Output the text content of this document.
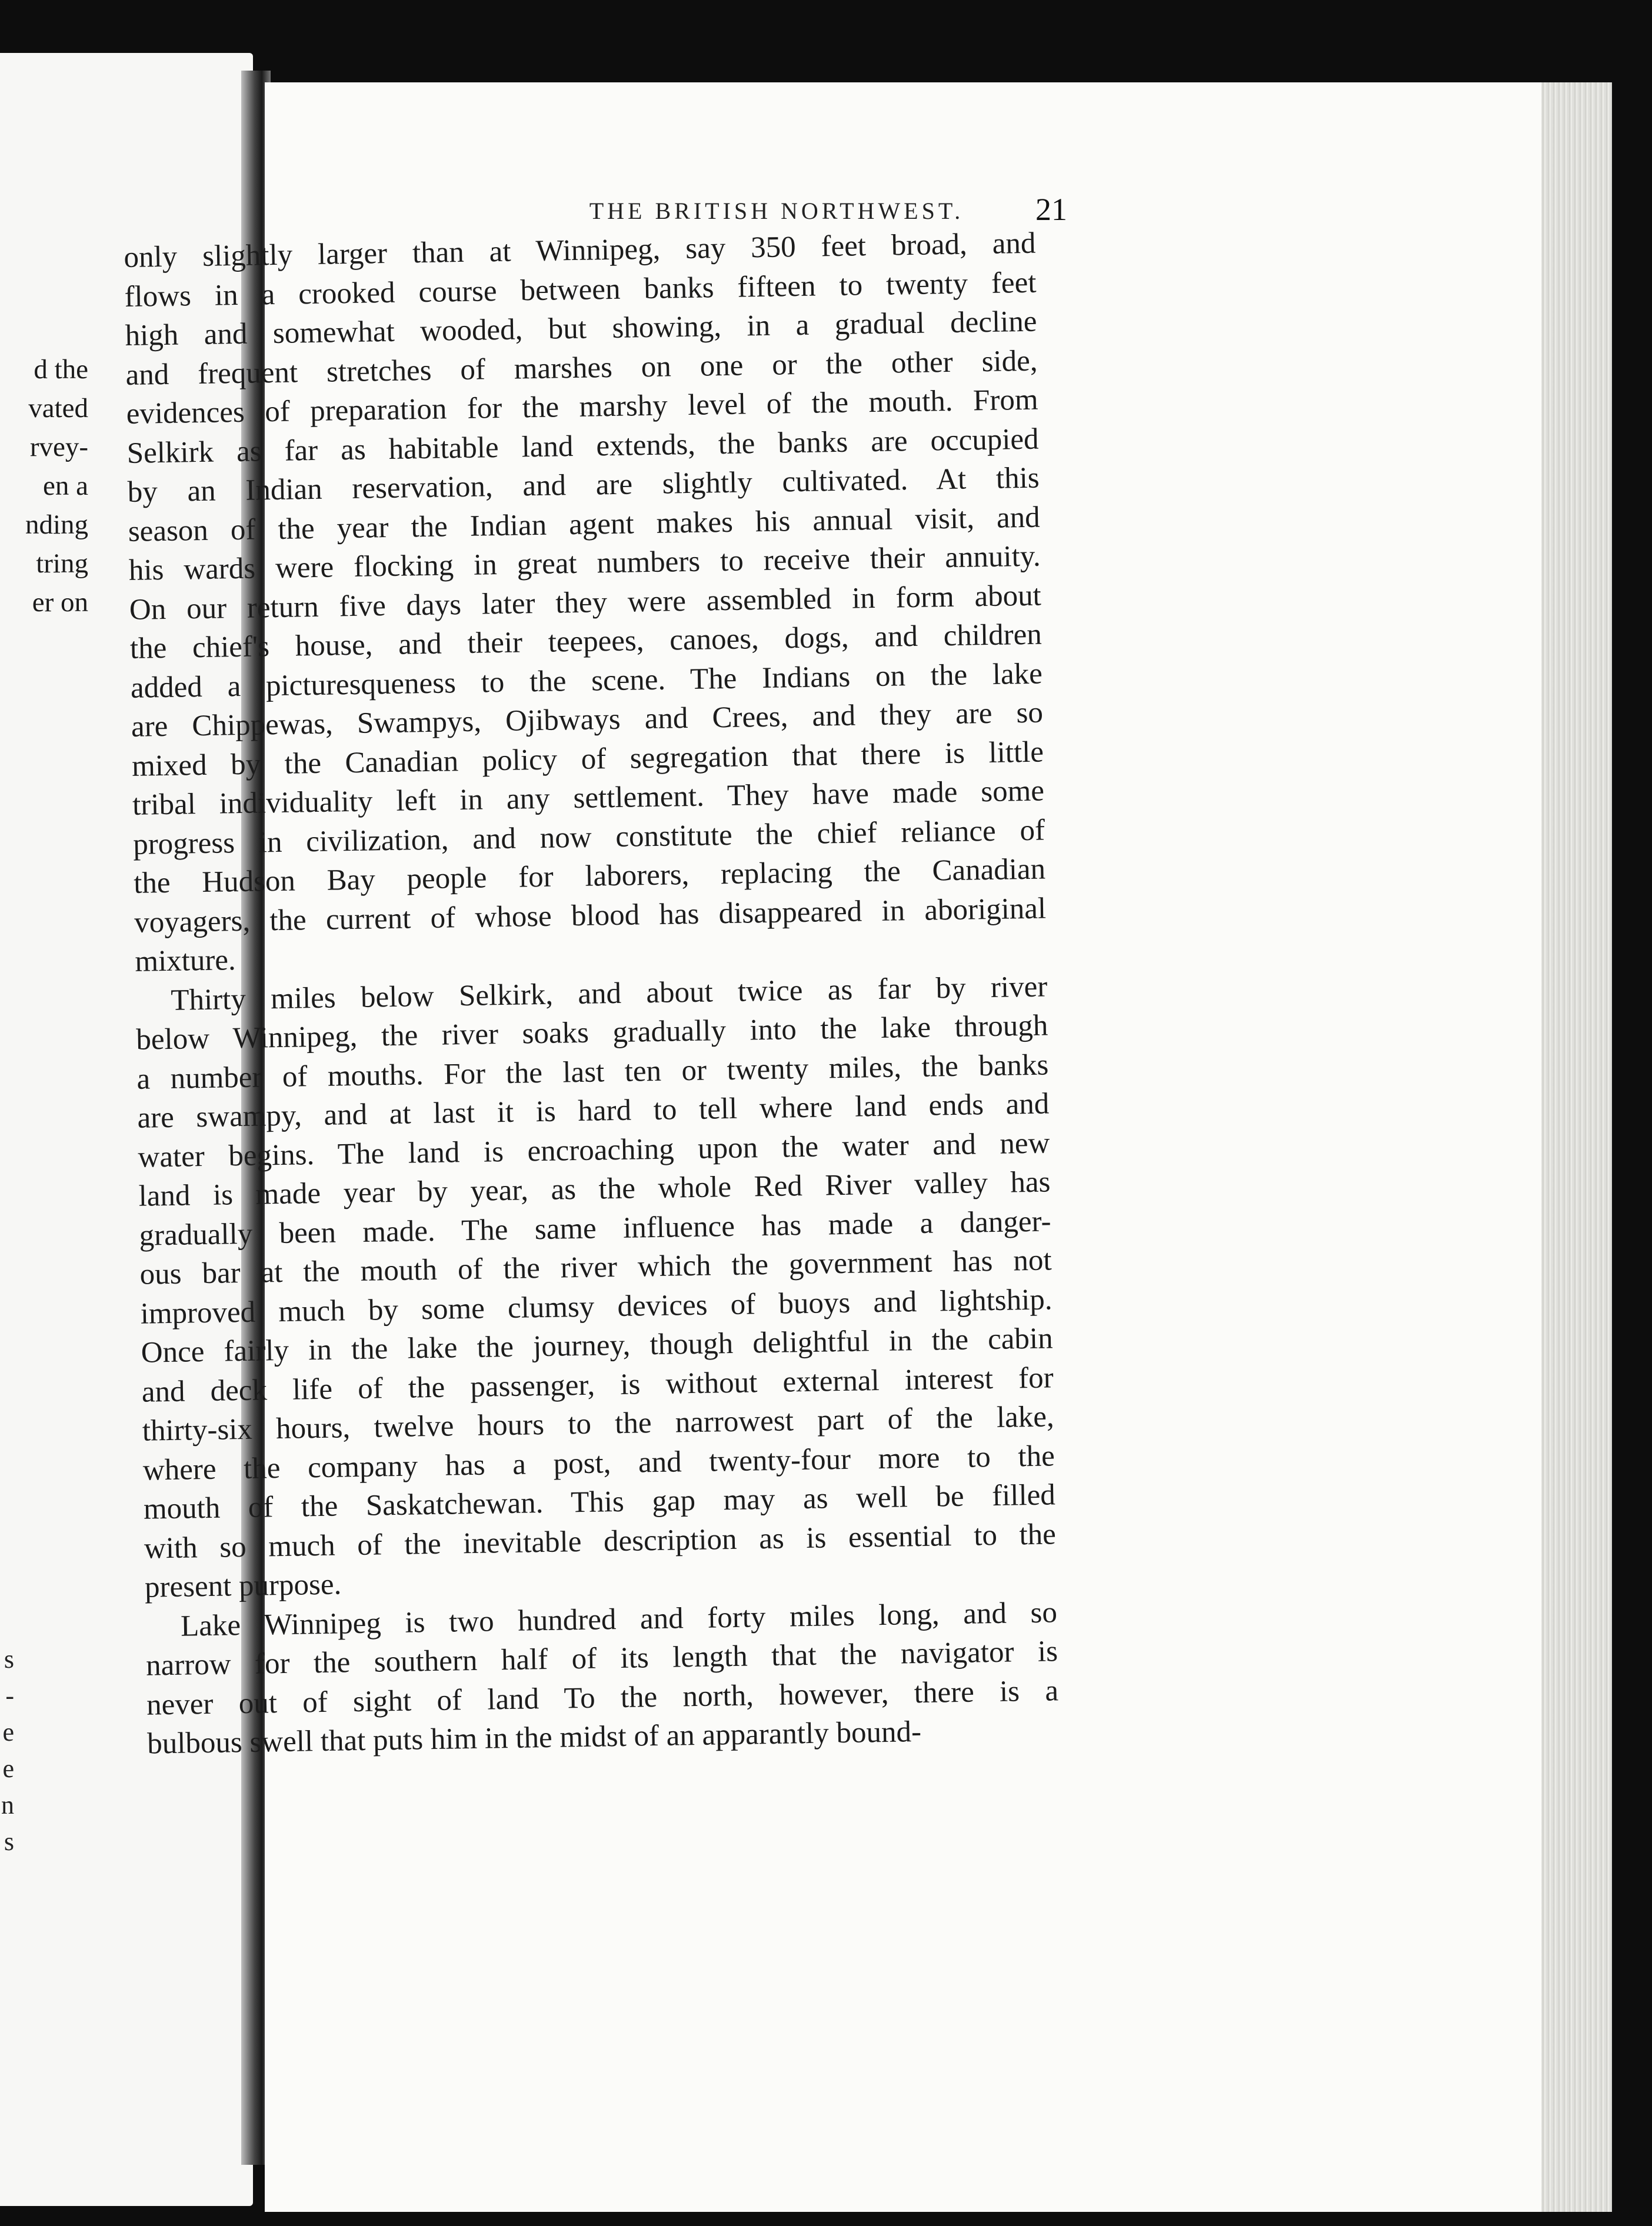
d the
vated
rvey-
en a
nding
tring
er on
s
-
e
e
n
s
THE BRITISH NORTHWEST.	21

only slightly larger than at Winnipeg, say 350 feet broad, and
flows in a crooked course between banks fifteen to twenty feet
high and somewhat wooded, but showing, in a gradual decline
and frequent stretches of marshes on one or the other side,
evidences of preparation for the marshy level of the mouth. From
Selkirk as far as habitable land extends, the banks are occupied
by an Indian reservation, and are slightly cultivated. At this
season of the year the Indian agent makes his annual visit, and
his wards were flocking in great numbers to receive their annuity.
On our return five days later they were assembled in form about
the chief's house, and their teepees, canoes, dogs, and children
added a picturesqueness to the scene. The Indians on the lake
are Chippewas, Swampys, Ojibways and Crees, and they are so
mixed by the Canadian policy of segregation that there is little
tribal individuality left in any settlement. They have made some
progress in civilization, and now constitute the chief reliance of
the Hudson Bay people for laborers, replacing the Canadian
voyagers, the current of whose blood has disappeared in aboriginal
mixture.

Thirty miles below Selkirk, and about twice as far by river
below Winnipeg, the river soaks gradually into the lake through
a number of mouths. For the last ten or twenty miles, the banks
are swampy, and at last it is hard to tell where land ends and
water begins. The land is encroaching upon the water and new
land is made year by year, as the whole Red River valley has
gradually been made. The same influence has made a danger-
ous bar at the mouth of the river which the government has not
improved much by some clumsy devices of buoys and lightship.
Once fairly in the lake the journey, though delightful in the cabin
and deck life of the passenger, is without external interest for
thirty-six hours, twelve hours to the narrowest part of the lake,
where the company has a post, and twenty-four more to the
mouth of the Saskatchewan. This gap may as well be filled
with so much of the inevitable description as is essential to the
present purpose.

Lake Winnipeg is two hundred and forty miles long, and so
narrow for the southern half of its length that the navigator is
never out of sight of land To the north, however, there is a
bulbous swell that puts him in the midst of an apparantly bound-
